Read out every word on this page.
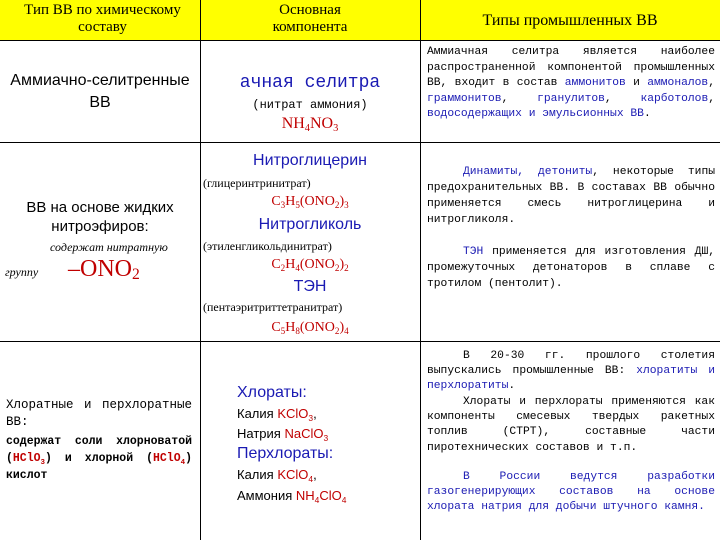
Тип ВВ по химическому составу
Основная компонента	Типы промышленных ВВ
Аммиачно-селитренные ВВ
ачная селитра
(нитрат аммония)
$NH_4NO_3$
Аммиачная селитра является наиболее распространенной компонентой промышленных ВВ, входит в состав аммонитов и аммоналов, граммонитов, гранулитов, карботолов, водосодержащих и эмульсионных ВВ.
ВВ на основе жидких нитроэфиров:
содержат нитратную
группу $-ONO_2$
Нитроглицерин
(глицеринтринитрат)
$C_3H_5(ONO_2)_3$
Нитрогликоль
(этиленгликольдинитрат)
$C_2H_4(ONO_2)_2$
ТЭН
(пентаэритриттетранитрат)
$C_5H_8(ONO_2)_4$
Динамиты, детониты, некоторые типы предохранительных ВВ. В составах ВВ обычно применяется смесь нитроглицерина и нитрогликоля.
ТЭН применяется для изготовления ДШ, промежуточных детонаторов в сплаве с тротилом (пентолит).
Хлоратные и перхлоратные ВВ:
содержат соли хлорноватой (HClO$_3$) и хлорной (HClO$_4$) кислот
Хлораты:
Калия KClO$_3$,
Натрия NaClO$_3$
Перхлораты:
Калия KClO$_4$,
Аммония $NH_4ClO_4$
В 20-30 гг. прошлого столетия выпускались промышленные ВВ: хлоратиты и перхлоратиты.
Хлораты и перхлораты применяются как компоненты смесевых твердых ракетных топлив (СТРТ), составные части пиротехнических составов и т.п.
В России ведутся разработки газогенерирующих составов на основе хлората натрия для добычи штучного камня.
